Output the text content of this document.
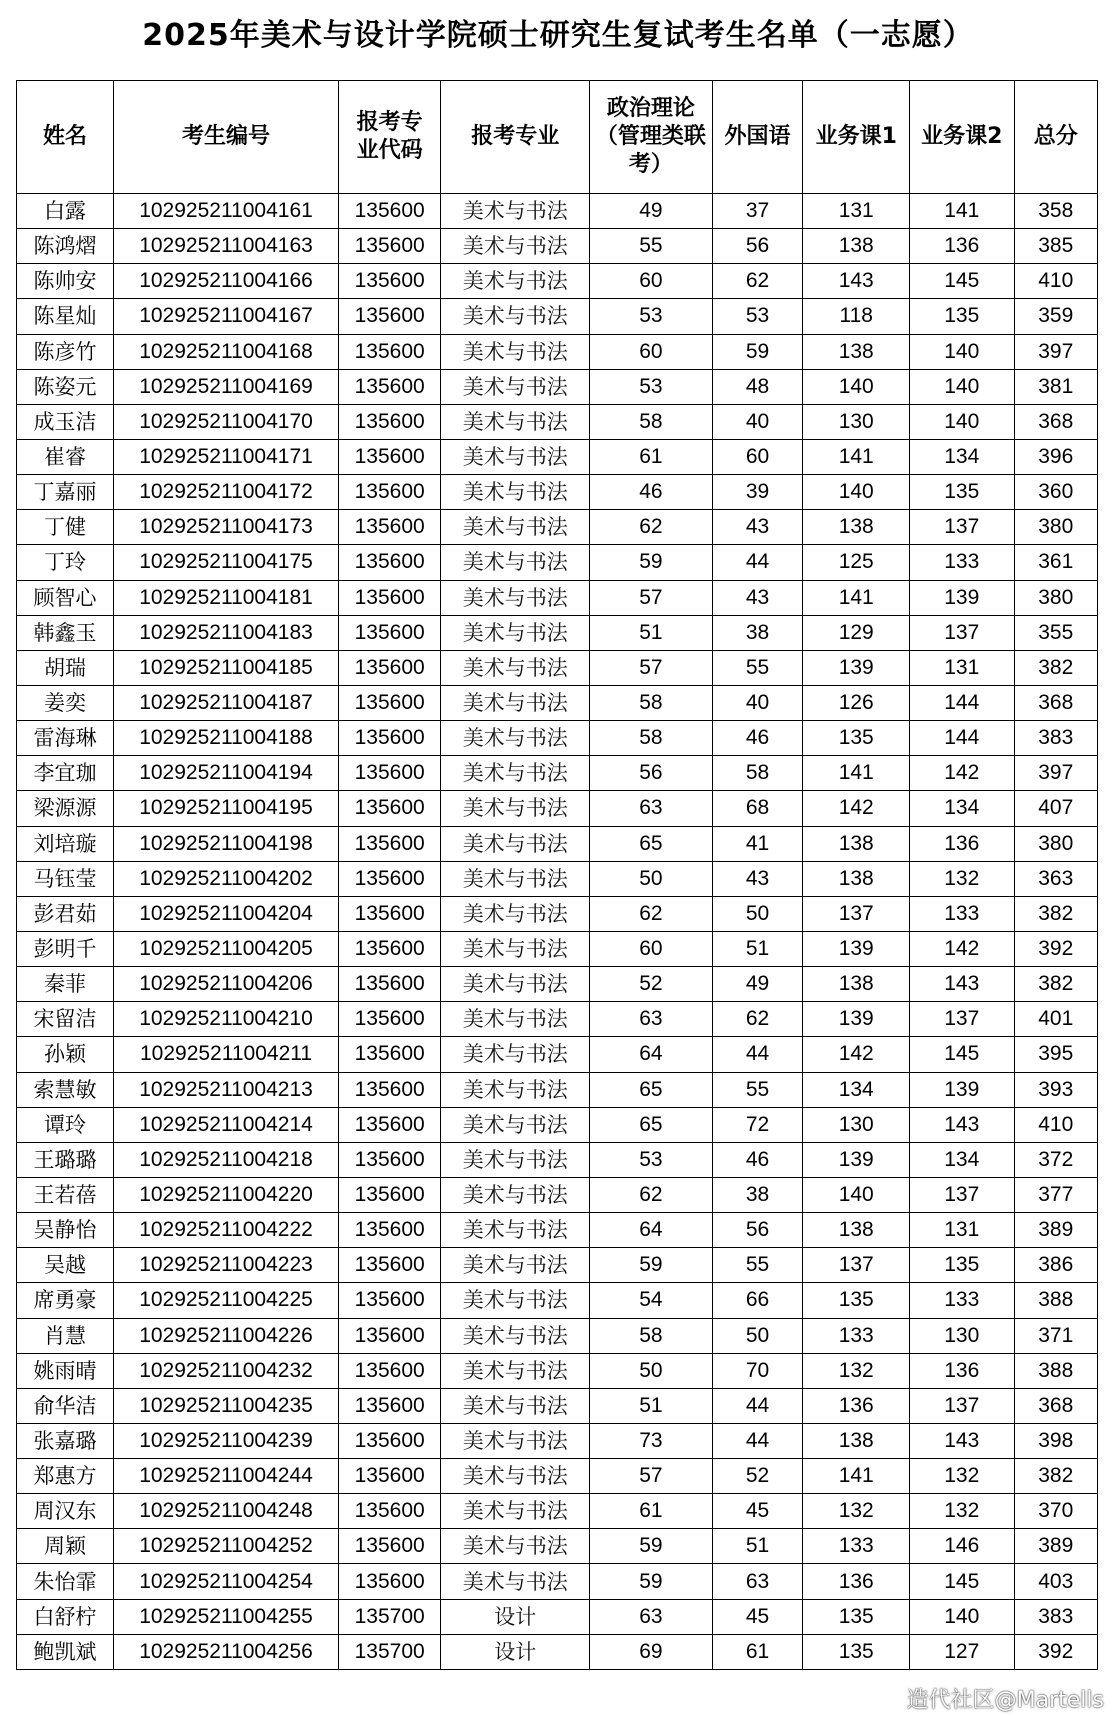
2025年美术与设计学院硕士研究生复试考生名单（一志愿）
姓名	考生编号	报考专业代码	报考专业	政治理论（管理类联考）	外国语	业务课1	业务课2	总分
白露	102925211004161	135600	美术与书法	49	37	131	141	358
陈鸿熠	102925211004163	135600	美术与书法	55	56	138	136	385
陈帅安	102925211004166	135600	美术与书法	60	62	143	145	410
陈星灿	102925211004167	135600	美术与书法	53	53	118	135	359
陈彦竹	102925211004168	135600	美术与书法	60	59	138	140	397
陈姿元	102925211004169	135600	美术与书法	53	48	140	140	381
成玉洁	102925211004170	135600	美术与书法	58	40	130	140	368
崔睿	102925211004171	135600	美术与书法	61	60	141	134	396
丁嘉丽	102925211004172	135600	美术与书法	46	39	140	135	360
丁健	102925211004173	135600	美术与书法	62	43	138	137	380
丁玲	102925211004175	135600	美术与书法	59	44	125	133	361
顾智心	102925211004181	135600	美术与书法	57	43	141	139	380
韩鑫玉	102925211004183	135600	美术与书法	51	38	129	137	355
胡瑞	102925211004185	135600	美术与书法	57	55	139	131	382
姜奕	102925211004187	135600	美术与书法	58	40	126	144	368
雷海琳	102925211004188	135600	美术与书法	58	46	135	144	383
李宜珈	102925211004194	135600	美术与书法	56	58	141	142	397
梁源源	102925211004195	135600	美术与书法	63	68	142	134	407
刘培璇	102925211004198	135600	美术与书法	65	41	138	136	380
马钰莹	102925211004202	135600	美术与书法	50	43	138	132	363
彭君茹	102925211004204	135600	美术与书法	62	50	137	133	382
彭明千	102925211004205	135600	美术与书法	60	51	139	142	392
秦菲	102925211004206	135600	美术与书法	52	49	138	143	382
宋留洁	102925211004210	135600	美术与书法	63	62	139	137	401
孙颖	102925211004211	135600	美术与书法	64	44	142	145	395
索慧敏	102925211004213	135600	美术与书法	65	55	134	139	393
谭玲	102925211004214	135600	美术与书法	65	72	130	143	410
王璐璐	102925211004218	135600	美术与书法	53	46	139	134	372
王若蓓	102925211004220	135600	美术与书法	62	38	140	137	377
吴静怡	102925211004222	135600	美术与书法	64	56	138	131	389
吴越	102925211004223	135600	美术与书法	59	55	137	135	386
席勇豪	102925211004225	135600	美术与书法	54	66	135	133	388
肖慧	102925211004226	135600	美术与书法	58	50	133	130	371
姚雨晴	102925211004232	135600	美术与书法	50	70	132	136	388
俞华洁	102925211004235	135600	美术与书法	51	44	136	137	368
张嘉璐	102925211004239	135600	美术与书法	73	44	138	143	398
郑惠方	102925211004244	135600	美术与书法	57	52	141	132	382
周汉东	102925211004248	135600	美术与书法	61	45	132	132	370
周颖	102925211004252	135600	美术与书法	59	51	133	146	389
朱怡霏	102925211004254	135600	美术与书法	59	63	136	145	403
白舒柠	102925211004255	135700	设计	63	45	135	140	383
鲍凯斌	102925211004256	135700	设计	69	61	135	127	392
造代社区@Martells
